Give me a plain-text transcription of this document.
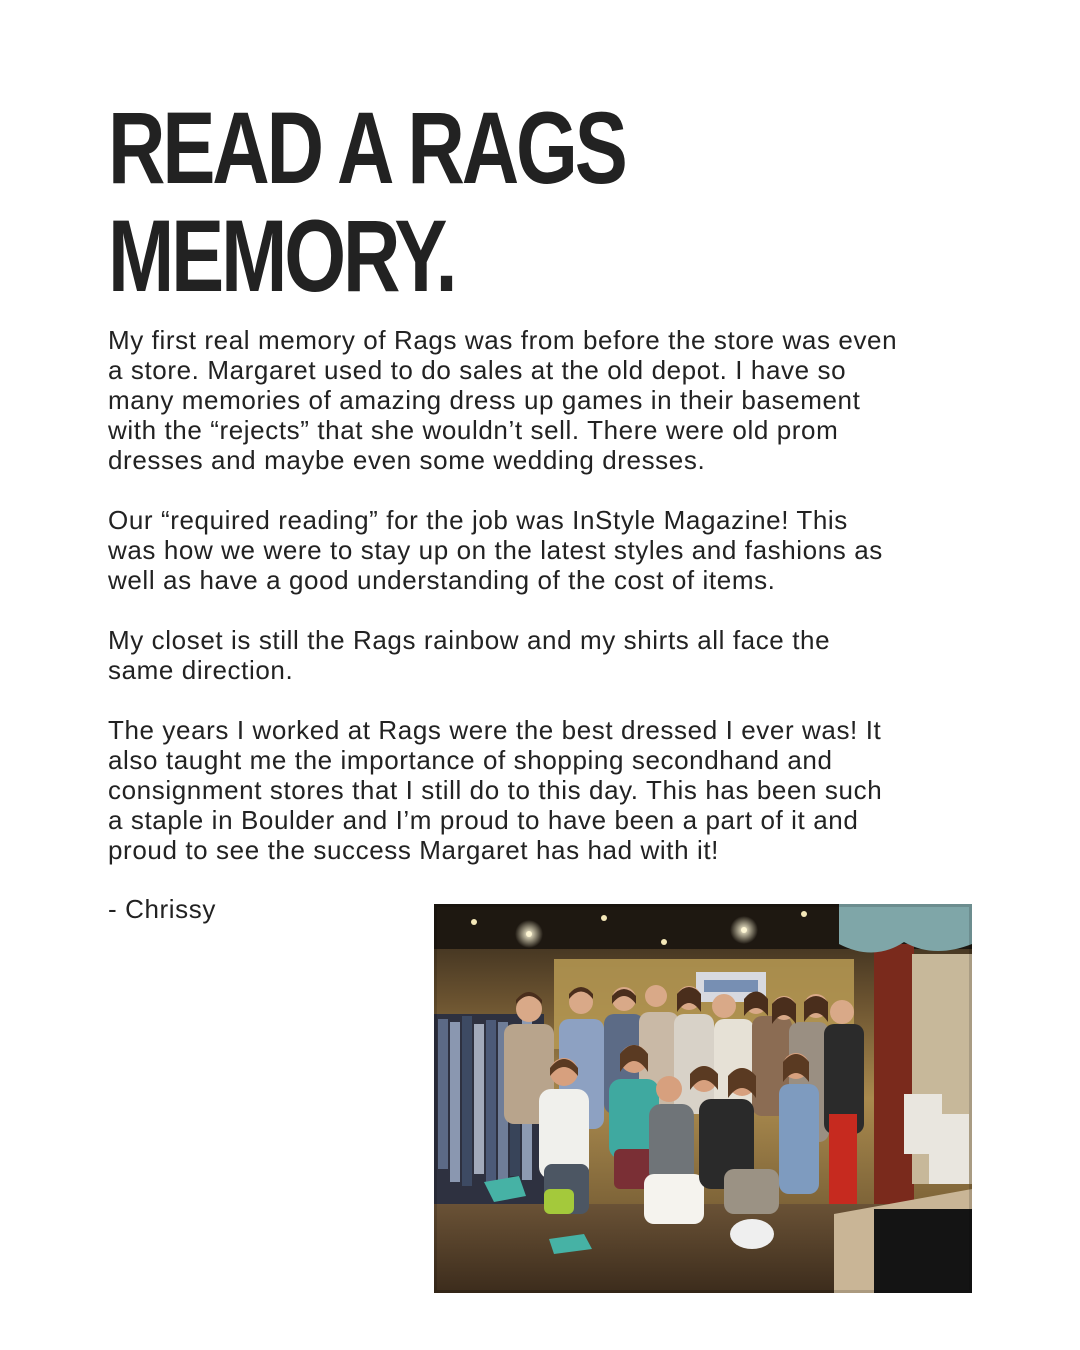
READ A RAGS
MEMORY.

My first real memory of Rags was from before the store was even
a store. Margaret used to do sales at the old depot. I have so
many memories of amazing dress up games in their basement
with the “rejects” that she wouldn’t sell. There were old prom
dresses and maybe even some wedding dresses.

Our “required reading” for the job was InStyle Magazine! This
was how we were to stay up on the latest styles and fashions as
well as have a good understanding of the cost of items.

My closet is still the Rags rainbow and my shirts all face the
same direction.

The years I worked at Rags were the best dressed I ever was! It
also taught me the importance of shopping secondhand and
consignment stores that I still do to this day. This has been such
a staple in Boulder and I’m proud to have been a part of it and
proud to see the success Margaret has had with it!

- Chrissy
